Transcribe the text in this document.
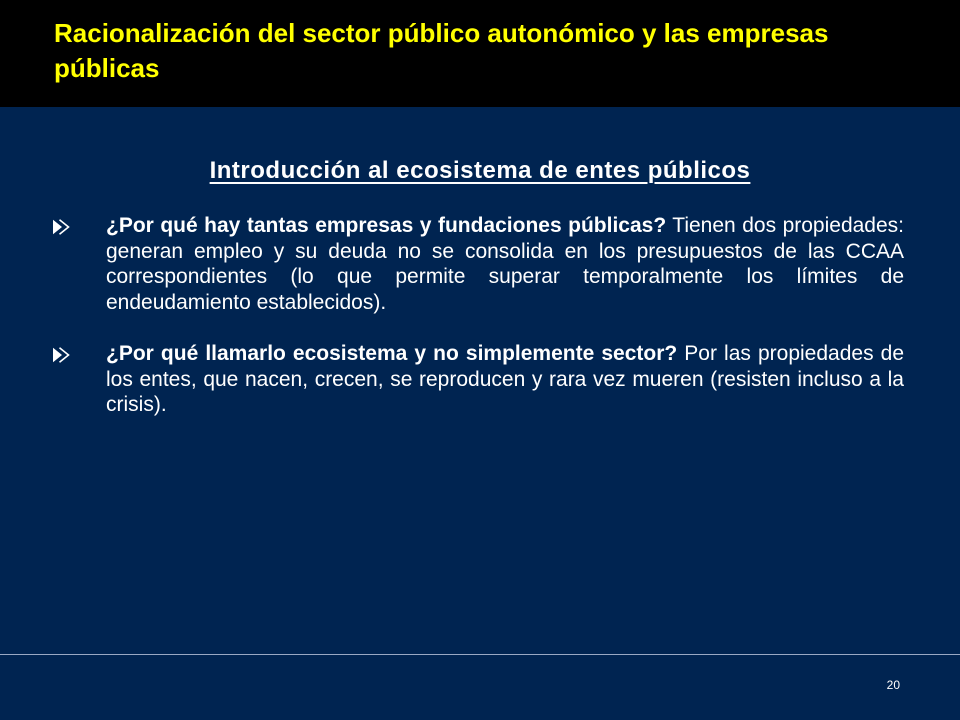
Racionalización del sector público autonómico y las empresas públicas
Introducción al ecosistema de entes públicos
¿Por qué hay tantas empresas y fundaciones públicas? Tienen dos propiedades: generan empleo y su deuda no se consolida en los presupuestos de las CCAA correspondientes (lo que permite superar temporalmente los límites de endeudamiento establecidos).
¿Por qué llamarlo ecosistema y no simplemente sector? Por las propiedades de los entes, que nacen, crecen, se reproducen y rara vez mueren (resisten incluso a la crisis).

20
